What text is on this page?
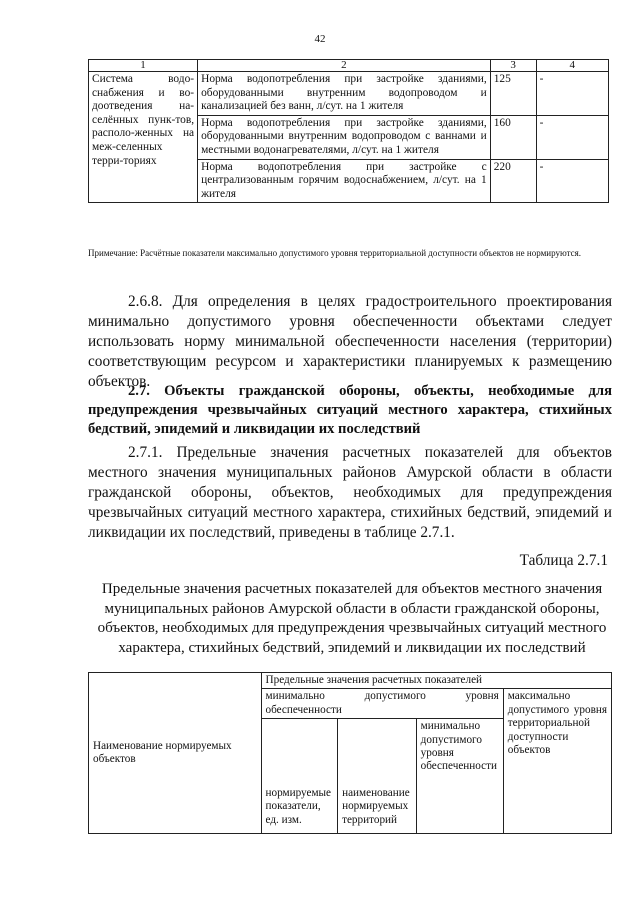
42
1	2	3	4
Система водо-снабжения и во-доотведения на-селённых пунк-тов, располо-женных на меж-селенных терри-ториях	Норма водопотребления при застройке зданиями, оборудованными внутренним водопроводом и канализацией без ванн, л/сут. на 1 жителя	125	-
	Норма водопотребления при застройке зданиями, оборудованными внутренним водопроводом с ваннами и местными водонагревателями, л/сут. на 1 жителя	160	-
	Норма водопотребления при застройке с централизованным горячим водоснабжением, л/сут. на 1 жителя	220	-
Примечание: Расчётные показатели максимально допустимого уровня территориальной доступности объектов не нормируются.
2.6.8. Для определения в целях градостроительного проектирования минимально допустимого уровня обеспеченности объектами следует использовать норму минимальной обеспеченности населения (территории) соответствующим ресурсом и характеристики планируемых к размещению объектов.
2.7. Объекты гражданской обороны, объекты, необходимые для предупреждения чрезвычайных ситуаций местного характера, стихийных бедствий, эпидемий и ликвидации их последствий
2.7.1. Предельные значения расчетных показателей для объектов местного значения муниципальных районов Амурской области в области гражданской обороны, объектов, необходимых для предупреждения чрезвычайных ситуаций местного характера, стихийных бедствий, эпидемий и ликвидации их последствий, приведены в таблице 2.7.1.
Таблица 2.7.1
Предельные значения расчетных показателей для объектов местного значения муниципальных районов Амурской области в области гражданской обороны, объектов, необходимых для предупреждения чрезвычайных ситуаций местного характера, стихийных бедствий, эпидемий и ликвидации их последствий
Наименование нормируемых объектов	Предельные значения расчетных показателей			
	минимально допустимого уровня обеспеченности			максимально допустимого уровня территориальной доступности объектов
	нормируемые показатели, ед. изм.	наименование нормируемых территорий	минимально допустимого уровня обеспеченности	
